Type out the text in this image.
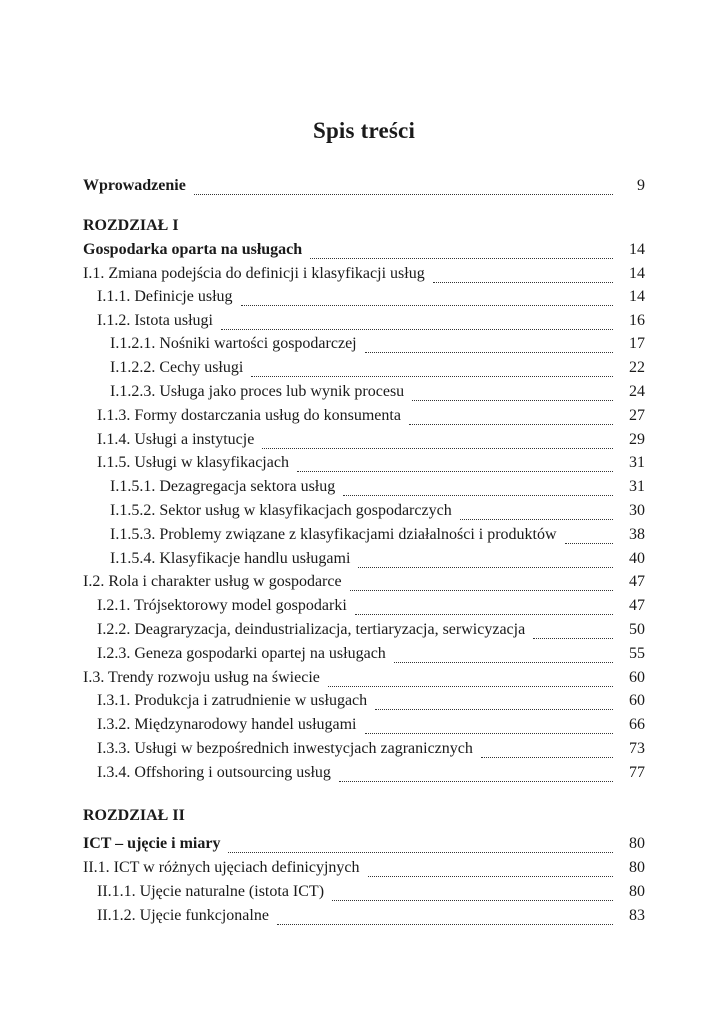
Spis treści
Wprowadzenie	9
ROZDZIAŁ I
Gospodarka oparta na usługach	14
I.1. Zmiana podejścia do definicji i klasyfikacji usług	14
I.1.1. Definicje usług	14
I.1.2. Istota usługi	16
I.1.2.1. Nośniki wartości gospodarczej	17
I.1.2.2. Cechy usługi	22
I.1.2.3. Usługa jako proces lub wynik procesu	24
I.1.3. Formy dostarczania usług do konsumenta	27
I.1.4. Usługi a instytucje	29
I.1.5. Usługi w klasyfikacjach	31
I.1.5.1. Dezagregacja sektora usług	31
I.1.5.2. Sektor usług w klasyfikacjach gospodarczych	30
I.1.5.3. Problemy związane z klasyfikacjami działalności i produktów	38
I.1.5.4. Klasyfikacje handlu usługami	40
I.2. Rola i charakter usług w gospodarce	47
I.2.1. Trójsektorowy model gospodarki	47
I.2.2. Deagraryzacja, deindustrializacja, tertiaryzacja, serwicyzacja	50
I.2.3. Geneza gospodarki opartej na usługach	55
I.3. Trendy rozwoju usług na świecie	60
I.3.1. Produkcja i zatrudnienie w usługach	60
I.3.2. Międzynarodowy handel usługami	66
I.3.3. Usługi w bezpośrednich inwestycjach zagranicznych	73
I.3.4. Offshoring i outsourcing usług	77
ROZDZIAŁ II
ICT – ujęcie i miary	80
II.1. ICT w różnych ujęciach definicyjnych	80
II.1.1. Ujęcie naturalne (istota ICT)	80
II.1.2. Ujęcie funkcjonalne	83
